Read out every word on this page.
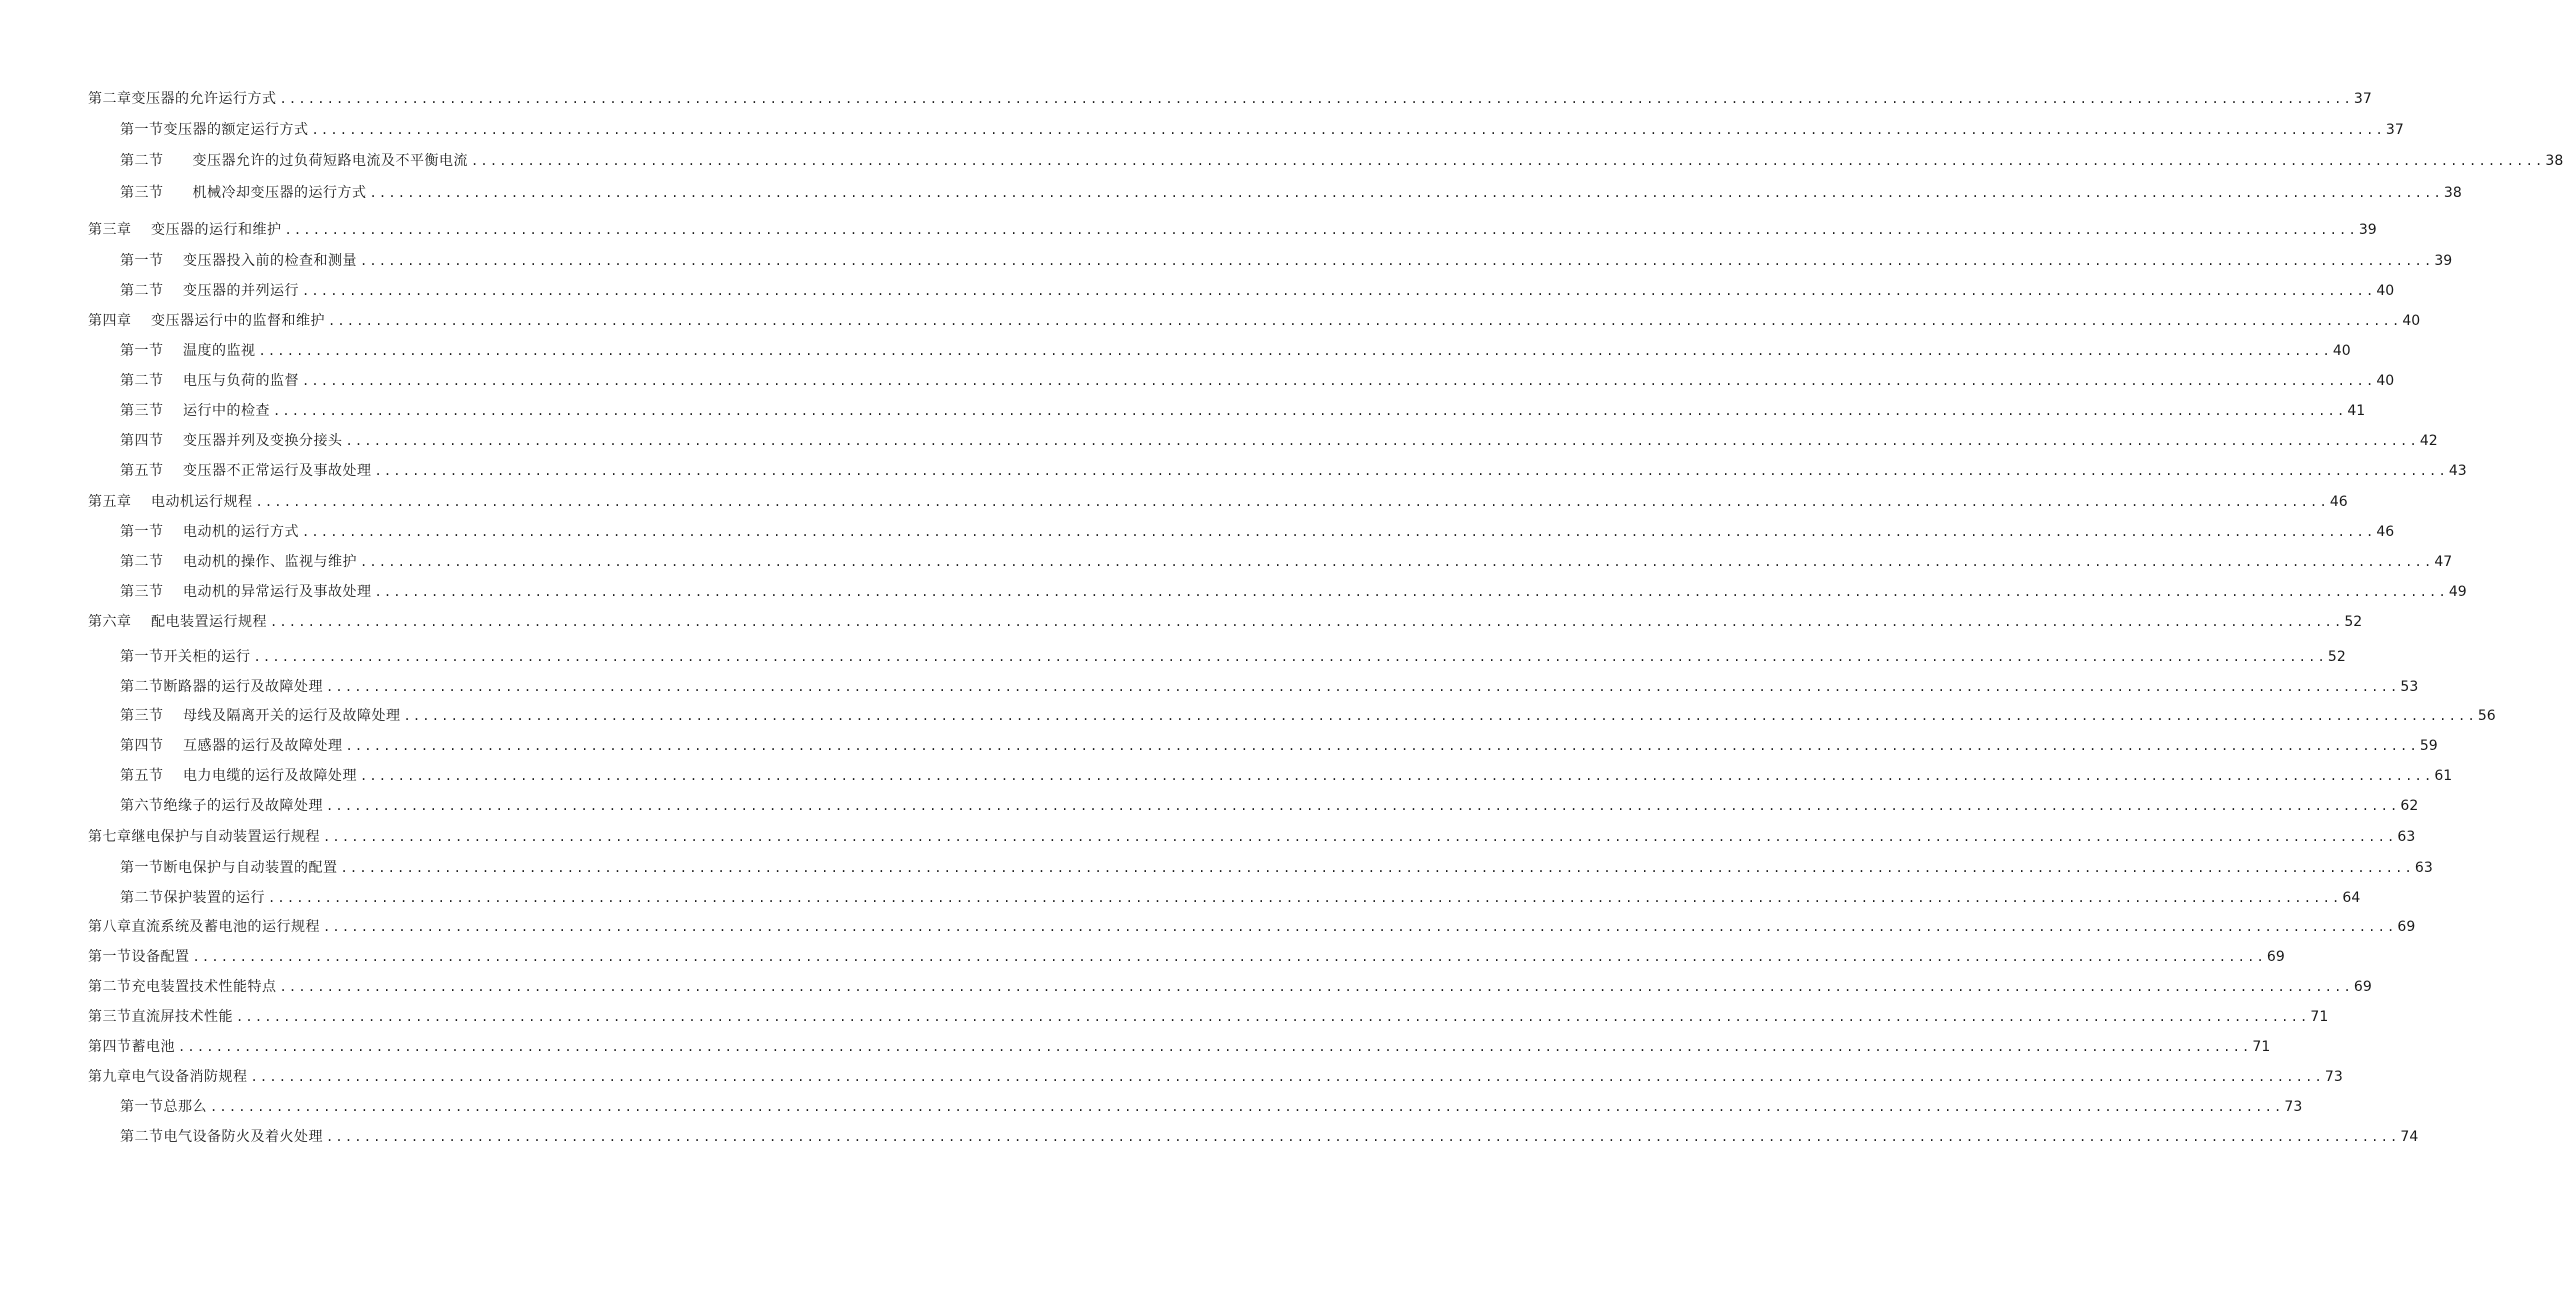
第二章变压器的允许运行方式 ............................................................................................................................................................................................................................ 37
第一节变压器的额定运行方式 ............................................................................................................................................................................................................................ 37
第二节　　变压器允许的过负荷短路电流及不平衡电流 ............................................................................................................................................................................................................................ 38
第三节　　机械冷却变压器的运行方式 ............................................................................................................................................................................................................................ 38
第三章　 变压器的运行和维护 ............................................................................................................................................................................................................................ 39
第一节　 变压器投入前的检查和测量 ............................................................................................................................................................................................................................ 39
第二节　 变压器的并列运行 ............................................................................................................................................................................................................................ 40
第四章　 变压器运行中的监督和维护 ............................................................................................................................................................................................................................ 40
第一节　 温度的监视 ............................................................................................................................................................................................................................ 40
第二节　 电压与负荷的监督 ............................................................................................................................................................................................................................ 40
第三节　 运行中的检查 ............................................................................................................................................................................................................................ 41
第四节　 变压器并列及变换分接头 ............................................................................................................................................................................................................................ 42
第五节　 变压器不正常运行及事故处理 ............................................................................................................................................................................................................................ 43
第五章　 电动机运行规程 ............................................................................................................................................................................................................................ 46
第一节　 电动机的运行方式 ............................................................................................................................................................................................................................ 46
第二节　 电动机的操作、监视与维护 ............................................................................................................................................................................................................................ 47
第三节　 电动机的异常运行及事故处理 ............................................................................................................................................................................................................................ 49
第六章　 配电装置运行规程 ............................................................................................................................................................................................................................ 52
第一节开关柜的运行 ............................................................................................................................................................................................................................ 52
第二节断路器的运行及故障处理 ............................................................................................................................................................................................................................ 53
第三节　 母线及隔离开关的运行及故障处理 ............................................................................................................................................................................................................................ 56
第四节　 互感器的运行及故障处理 ............................................................................................................................................................................................................................ 59
第五节　 电力电缆的运行及故障处理 ............................................................................................................................................................................................................................ 61
第六节绝缘子的运行及故障处理 ............................................................................................................................................................................................................................ 62
第七章继电保护与自动装置运行规程 ............................................................................................................................................................................................................................ 63
第一节断电保护与自动装置的配置 ............................................................................................................................................................................................................................ 63
第二节保护装置的运行 ............................................................................................................................................................................................................................ 64
第八章直流系统及蓄电池的运行规程 ............................................................................................................................................................................................................................ 69
第一节设备配置 ............................................................................................................................................................................................................................ 69
第二节充电装置技术性能特点 ............................................................................................................................................................................................................................ 69
第三节直流屏技术性能 ............................................................................................................................................................................................................................ 71
第四节蓄电池 ............................................................................................................................................................................................................................ 71
第九章电气设备消防规程 ............................................................................................................................................................................................................................ 73
第一节总那么 ............................................................................................................................................................................................................................ 73
第二节电气设备防火及着火处理 ............................................................................................................................................................................................................................ 74
